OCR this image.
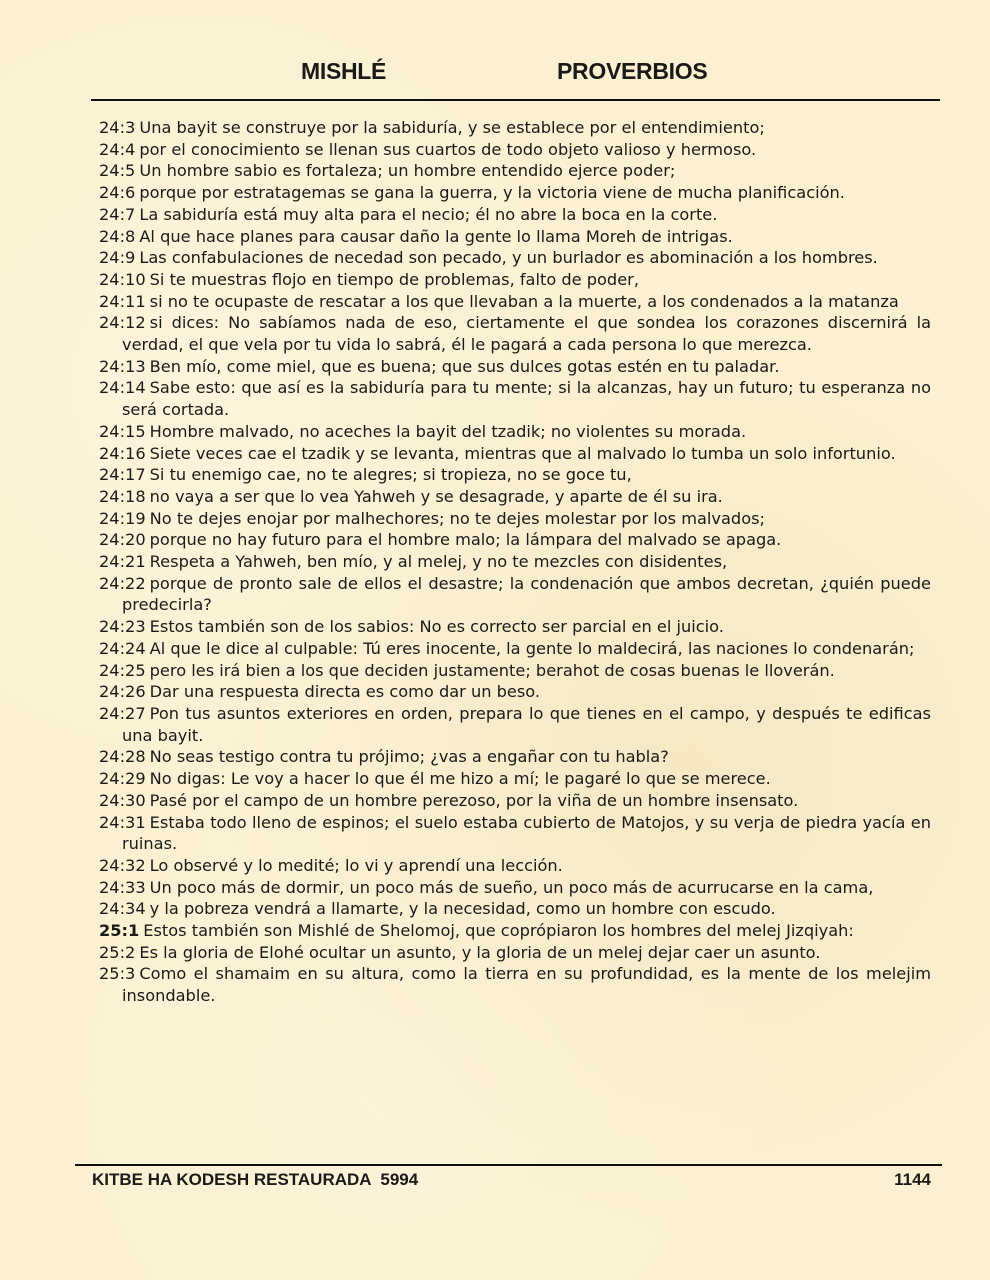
MISHLÉ	PROVERBIOS
24:3 Una bayit se construye por la sabiduría, y se establece por el entendimiento;
24:4 por el conocimiento se llenan sus cuartos de todo objeto valioso y hermoso.
24:5 Un hombre sabio es fortaleza; un hombre entendido ejerce poder;
24:6 porque por estratagemas se gana la guerra, y la victoria viene de mucha planificación.
24:7 La sabiduría está muy alta para el necio; él no abre la boca en la corte.
24:8 Al que hace planes para causar daño la gente lo llama Moreh de intrigas.
24:9 Las confabulaciones de necedad son pecado, y un burlador es abominación a los hombres.
24:10 Si te muestras flojo en tiempo de problemas, falto de poder,
24:11 si no te ocupaste de rescatar a los que llevaban a la muerte, a los condenados a la matanza
24:12 si dices: No sabíamos nada de eso, ciertamente el que sondea los corazones discernirá la verdad, el que vela por tu vida lo sabrá, él le pagará a cada persona lo que merezca.
24:13 Ben mío, come miel, que es buena; que sus dulces gotas estén en tu paladar.
24:14 Sabe esto: que así es la sabiduría para tu mente; si la alcanzas, hay un futuro; tu esperanza no será cortada.
24:15 Hombre malvado, no aceches la bayit del tzadik; no violentes su morada.
24:16 Siete veces cae el tzadik y se levanta, mientras que al malvado lo tumba un solo infortunio.
24:17 Si tu enemigo cae, no te alegres; si tropieza, no se goce tu,
24:18 no vaya a ser que lo vea Yahweh y se desagrade, y aparte de él su ira.
24:19 No te dejes enojar por malhechores; no te dejes molestar por los malvados;
24:20 porque no hay futuro para el hombre malo; la lámpara del malvado se apaga.
24:21 Respeta a Yahweh, ben mío, y al melej, y no te mezcles con disidentes,
24:22 porque de pronto sale de ellos el desastre; la condenación que ambos decretan, ¿quién puede predecirla?
24:23 Estos también son de los sabios: No es correcto ser parcial en el juicio.
24:24 Al que le dice al culpable: Tú eres inocente, la gente lo maldecirá, las naciones lo condenarán;
24:25 pero les irá bien a los que deciden justamente; berahot de cosas buenas le lloverán.
24:26 Dar una respuesta directa es como dar un beso.
24:27 Pon tus asuntos exteriores en orden, prepara lo que tienes en el campo, y después te edificas una bayit.
24:28 No seas testigo contra tu prójimo; ¿vas a engañar con tu habla?
24:29 No digas: Le voy a hacer lo que él me hizo a mí; le pagaré lo que se merece.
24:30 Pasé por el campo de un hombre perezoso, por la viña de un hombre insensato.
24:31 Estaba todo lleno de espinos; el suelo estaba cubierto de Matojos, y su verja de piedra yacía en ruinas.
24:32 Lo observé y lo medité; lo vi y aprendí una lección.
24:33 Un poco más de dormir, un poco más de sueño, un poco más de acurrucarse en la cama,
24:34 y la pobreza vendrá a llamarte, y la necesidad, como un hombre con escudo.
25:1 Estos también son Mishlé de Shelomoj, que coprópiaron los hombres del melej Jizqiyah:
25:2 Es la gloria de Elohé ocultar un asunto, y la gloria de un melej dejar caer un asunto.
25:3 Como el shamaim en su altura, como la tierra en su profundidad, es la mente de los melejim insondable.
KITBE HA KODESH RESTAURADA  5994	1144
